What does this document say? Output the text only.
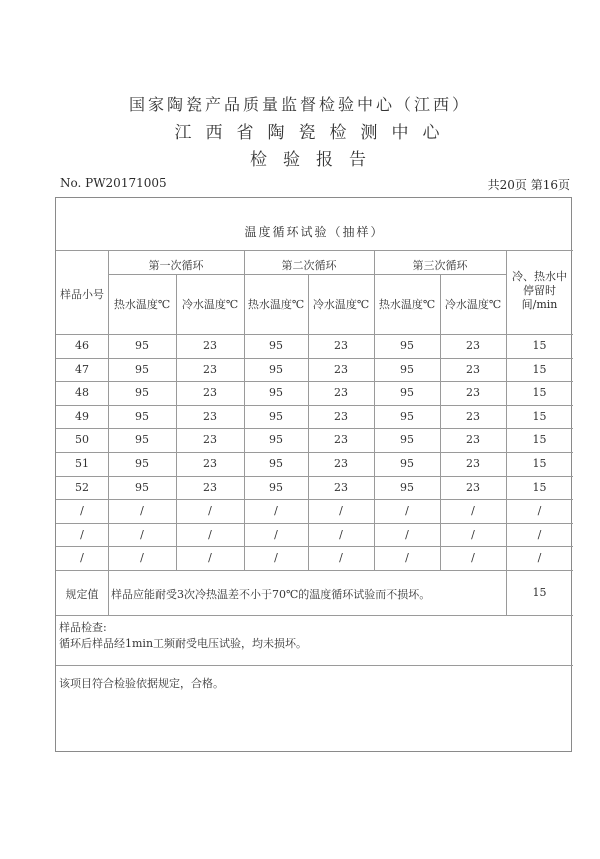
国家陶瓷产品质量监督检验中心（江西）
江西省陶瓷检测中心
检验报告
No. PW20171005	共20页 第16页
温度循环试验（抽样）
样品小号
第一次循环
热水温度℃ 冷水温度℃
第二次循环
热水温度℃ 冷水温度℃
第三次循环
热水温度℃ 冷水温度℃
冷、热水中停留时间/min
46	95	23	95	23	95	23	15
47	95	23	95	23	95	23	15
48	95	23	95	23	95	23	15
49	95	23	95	23	95	23	15
50	95	23	95	23	95	23	15
51	95	23	95	23	95	23	15
52	95	23	95	23	95	23	15
/	/	/	/	/	/	/	/
/	/	/	/	/	/	/	/
/	/	/	/	/	/	/	/
规定值 样品应能耐受3次冷热温差不小于70℃的温度循环试验而不损坏。	15
样品检查:
循环后样品经1min工频耐受电压试验，均未损坏。
该项目符合检验依据规定，合格。
